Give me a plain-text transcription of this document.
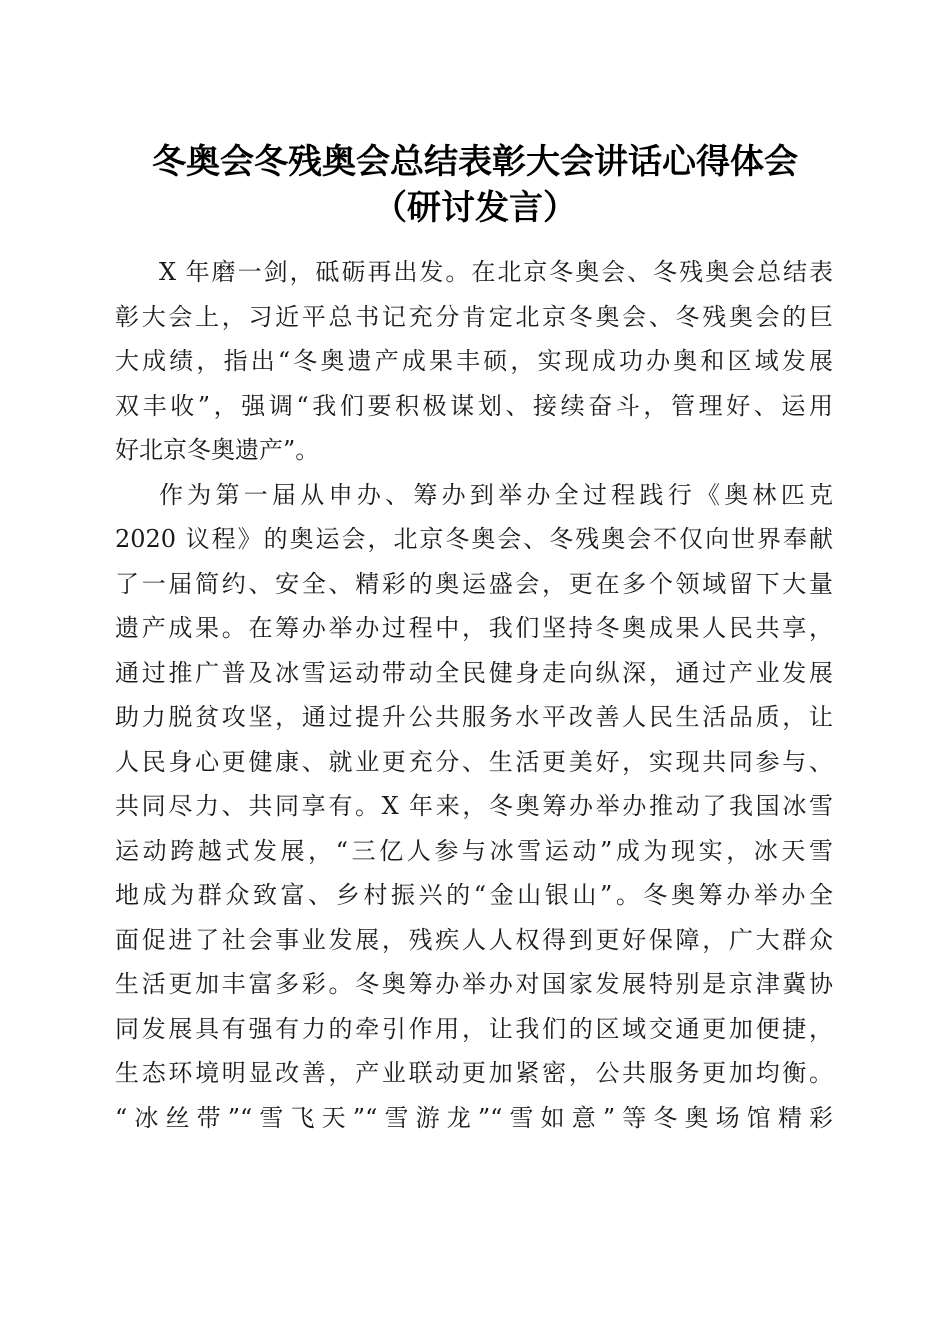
冬奥会冬残奥会总结表彰大会讲话心得体会
（研讨发言）
X 年磨一剑，砥砺再出发。在北京冬奥会、冬残奥会总结表
彰大会上，习近平总书记充分肯定北京冬奥会、冬残奥会的巨
大成绩，指出“冬奥遗产成果丰硕，实现成功办奥和区域发展
双丰收”，强调“我们要积极谋划、接续奋斗，管理好、运用
好北京冬奥遗产”。
作为第一届从申办、筹办到举办全过程践行《奥林匹克
2020 议程》的奥运会，北京冬奥会、冬残奥会不仅向世界奉献
了一届简约、安全、精彩的奥运盛会，更在多个领域留下大量
遗产成果。在筹办举办过程中，我们坚持冬奥成果人民共享，
通过推广普及冰雪运动带动全民健身走向纵深，通过产业发展
助力脱贫攻坚，通过提升公共服务水平改善人民生活品质，让
人民身心更健康、就业更充分、生活更美好，实现共同参与、
共同尽力、共同享有。X 年来，冬奥筹办举办推动了我国冰雪
运动跨越式发展，“三亿人参与冰雪运动”成为现实，冰天雪
地成为群众致富、乡村振兴的“金山银山”。冬奥筹办举办全
面促进了社会事业发展，残疾人人权得到更好保障，广大群众
生活更加丰富多彩。冬奥筹办举办对国家发展特别是京津冀协
同发展具有强有力的牵引作用，让我们的区域交通更加便捷，
生态环境明显改善，产业联动更加紧密，公共服务更加均衡。
“冰丝带”“雪飞天”“雪游龙”“雪如意”等冬奥场馆精彩
